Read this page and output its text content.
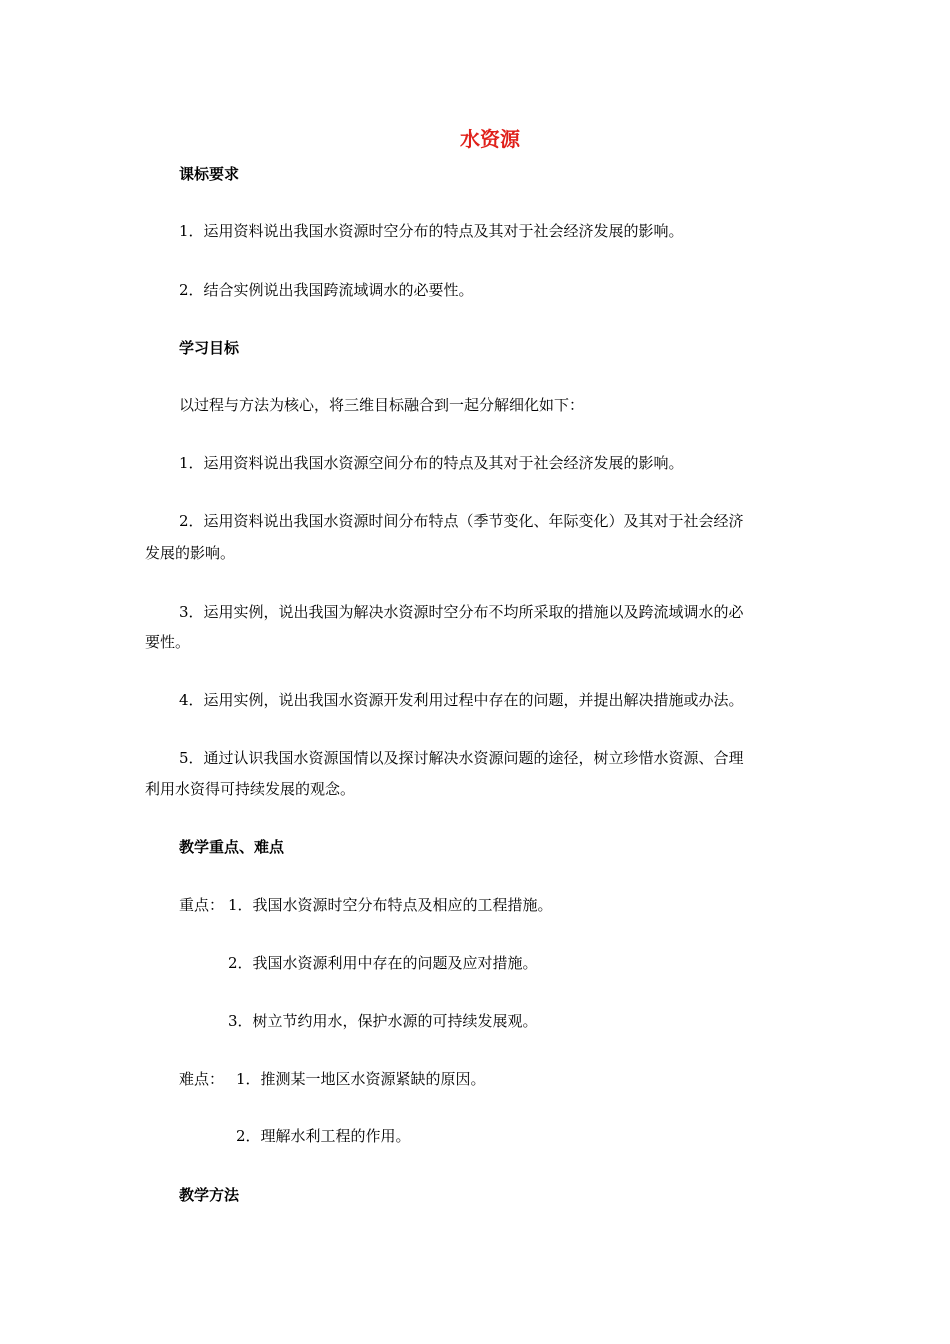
水资源
课标要求
1．运用资料说出我国水资源时空分布的特点及其对于社会经济发展的影响。
2．结合实例说出我国跨流域调水的必要性。
学习目标
以过程与方法为核心，将三维目标融合到一起分解细化如下：
1．运用资料说出我国水资源空间分布的特点及其对于社会经济发展的影响。
2．运用资料说出我国水资源时间分布特点（季节变化、年际变化）及其对于社会经济
发展的影响。
3．运用实例，说出我国为解决水资源时空分布不均所采取的措施以及跨流域调水的必
要性。
4．运用实例，说出我国水资源开发利用过程中存在的问题，并提出解决措施或办法。
5．通过认识我国水资源国情以及探讨解决水资源问题的途径，树立珍惜水资源、合理
利用水资得可持续发展的观念。
教学重点、难点
重点： 1．我国水资源时空分布特点及相应的工程措施。
2．我国水资源利用中存在的问题及应对措施。
3．树立节约用水，保护水源的可持续发展观。
难点： 1．推测某一地区水资源紧缺的原因。
2．理解水利工程的作用。
教学方法
